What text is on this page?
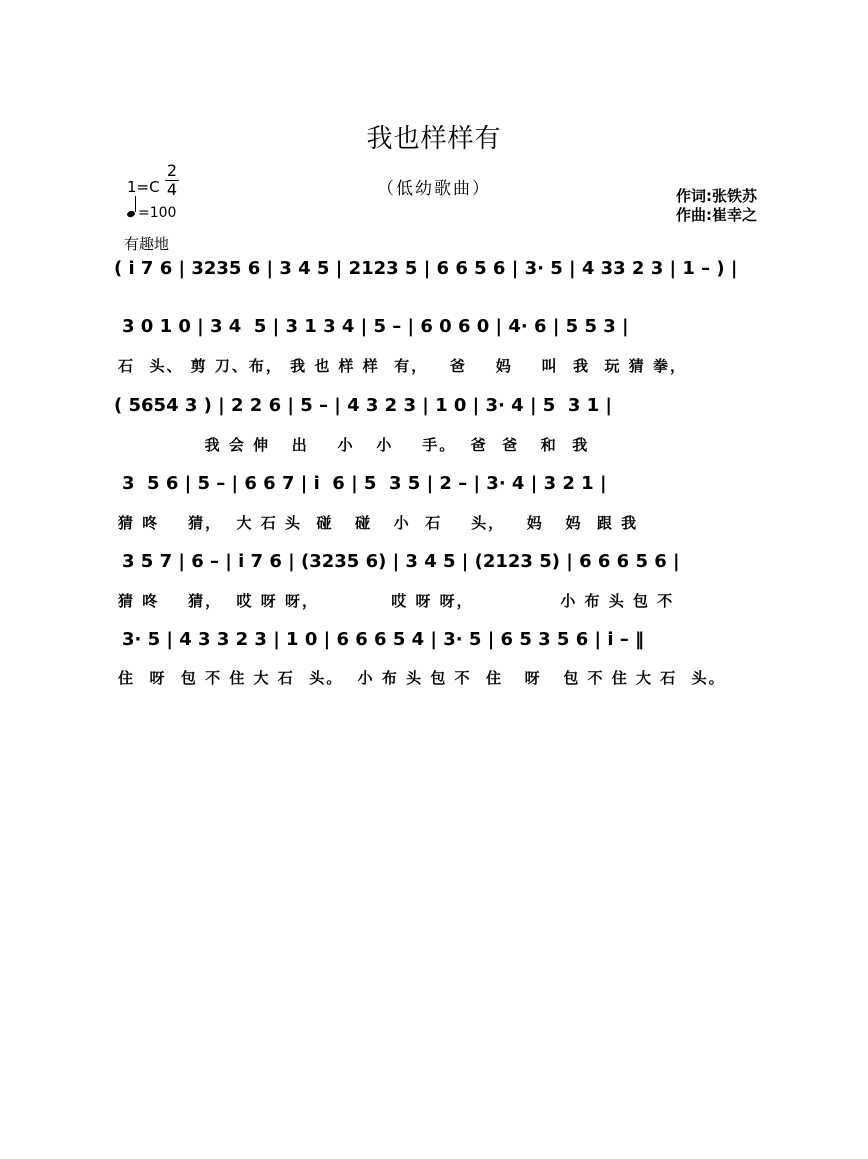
我也样样有
（低幼歌曲）
1=C
2
4
=100
有趣地
作词:张铁苏
作曲:崔幸之
( i 7 6 | 3235 6 | 3 4 5 | 2123 5 | 6 6 5 6 | 3· 5 | 4 33 2 3 | 1 – ) |
3 0 1 0 | 3 4  5 | 3 1 3 4 | 5 – | 6 0 6 0 | 4· 6 | 5 5 3 |
石  头、 剪 刀、布， 我 也 样 样  有，   爸    妈    叫  我  玩 猜 拳，
( 5654 3 ) | 2 2 6 | 5 – | 4 3 2 3 | 1 0 | 3· 4 | 5  3 1 |
我 会 伸   出    小   小    手。  爸  爸   和  我
3  5 6 | 5 – | 6 6 7 | i  6 | 5  3 5 | 2 – | 3· 4 | 3 2 1 |
猜 咚    猜，  大 石 头  碰   碰   小  石    头，   妈   妈  跟 我
3 5 7 | 6 – | i 7 6 | (3235 6) | 3 4 5 | (2123 5) | 6 6 6 5 6 |
猜 咚    猜，  哎 呀 呀，          哎 呀 呀，            小 布 头 包 不
3· 5 | 4 3 3 2 3 | 1 0 | 6 6 6 5 4 | 3· 5 | 6 5 3 5 6 | i – ‖
住  呀  包 不 住 大 石  头。  小 布 头 包 不  住   呀   包 不 住 大 石  头。
